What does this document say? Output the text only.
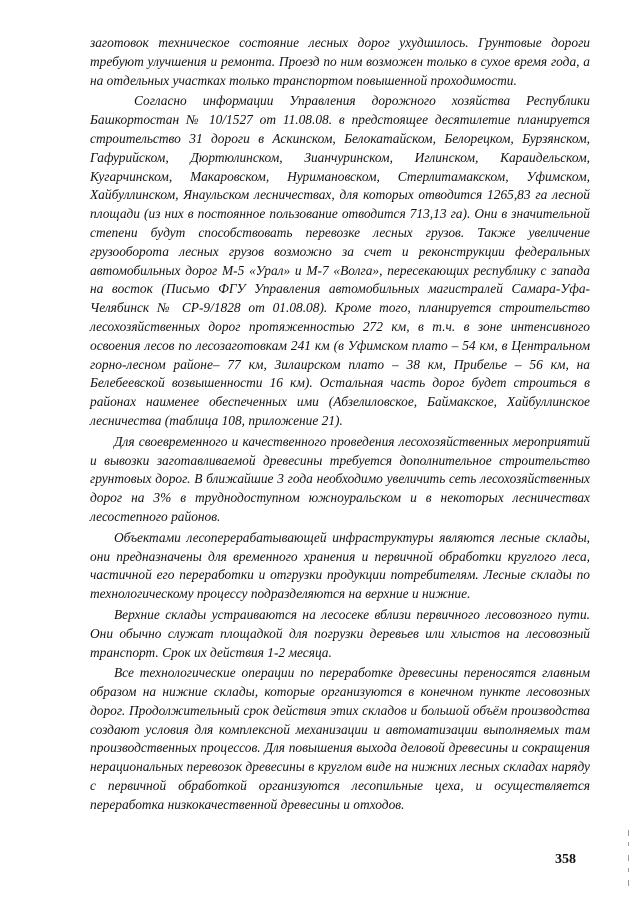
заготовок техническое состояние лесных дорог ухудшилось. Грунтовые дороги требуют улучшения и ремонта. Проезд по ним возможен только в сухое время года, а на отдельных участках только транспортом повышенной проходимости.

Согласно информации Управления дорожного хозяйства Республики Башкортостан № 10/1527 от 11.08.08. в предстоящее десятилетие планируется строительство 31 дороги в Аскинском, Белокатайском, Белорецком, Бурзянском, Гафурийском, Дюртюлинском, Зианчуринском, Иглинском, Караидельском, Кугарчинском, Макаровском, Нуримановском, Стерлитамакском, Уфимском, Хайбуллинском, Янаульском лесничествах, для которых отводится 1265,83 га лесной площади (из них в постоянное пользование отводится 713,13 га). Они в значительной степени будут способствовать перевозке лесных грузов. Также увеличение грузооборота лесных грузов возможно за счет и реконструкции федеральных автомобильных дорог М-5 «Урал» и М-7 «Волга», пересекающих республику с запада на восток (Письмо ФГУ Управления автомобильных магистралей Самара-Уфа-Челябинск № СР-9/1828 от 01.08.08). Кроме того, планируется строительство лесохозяйственных дорог протяженностью 272 км, в т.ч. в зоне интенсивного освоения лесов по лесозаготовкам 241 км (в Уфимском плато – 54 км, в Центральном горно-лесном районе– 77 км, Зилаирском плато – 38 км, Прибелье – 56 км, на Белебеевской возвышенности 16 км). Остальная часть дорог будет строиться в районах наименее обеспеченных ими (Абзелиловское, Баймакское, Хайбуллинское лесничества (таблица 108, приложение 21).

Для своевременного и качественного проведения лесохозяйственных мероприятий и вывозки заготавливаемой древесины требуется дополнительное строительство грунтовых дорог. В ближайшие 3 года необходимо увеличить сеть лесохозяйственных дорог на 3% в труднодоступном южноуральском и в некоторых лесничествах лесостепного районов.

Объектами лесоперерабатывающей инфраструктуры являются лесные склады, они предназначены для временного хранения и первичной обработки круглого леса, частичной его переработки и отгрузки продукции потребителям. Лесные склады по технологическому процессу подразделяются на верхние и нижние.

Верхние склады устраиваются на лесосеке вблизи первичного лесовозного пути. Они обычно служат площадкой для погрузки деревьев или хлыстов на лесовозный транспорт. Срок их действия 1-2 месяца.

Все технологические операции по переработке древесины переносятся главным образом на нижние склады, которые организуются в конечном пункте лесовозных дорог. Продолжительный срок действия этих складов и большой объём производства создают условия для комплексной механизации и автоматизации выполняемых там производственных процессов. Для повышения выхода деловой древесины и сокращения нерациональных перевозок древесины в круглом виде на нижних лесных складах наряду с первичной обработкой организуются лесопильные цеха, и осуществляется переработка низкокачественной древесины и отходов.

358
